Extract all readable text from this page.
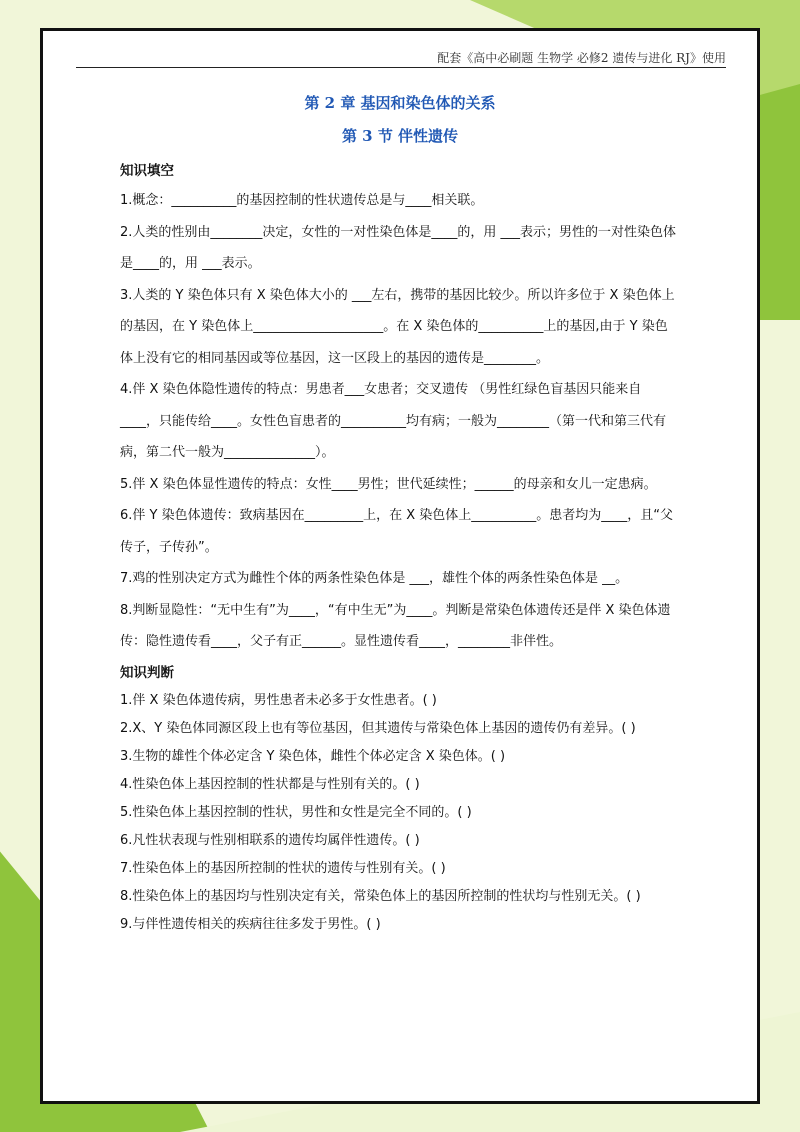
配套《高中必刷题 生物学 必修2 遗传与进化 RJ》使用
第 2 章 基因和染色体的关系
第 3 节 伴性遗传
知识填空

1.概念：__________的基因控制的性状遗传总是与____相关联。

2.人类的性别由________决定，女性的一对性染色体是____的，用 ___表示；男性的一对性染色体是____的，用 ___表示。

3.人类的 Y 染色体只有 X 染色体大小的 ___左右，携带的基因比较少。所以许多位于 X 染色体上的基因，在 Y 染色体上____________________。在 X 染色体的__________上的基因,由于 Y 染色体上没有它的相同基因或等位基因，这一区段上的基因的遗传是________。

4.伴 X 染色体隐性遗传的特点：男患者___女患者；交叉遗传 （男性红绿色盲基因只能来自____，只能传给____。女性色盲患者的__________均有病；一般为________（第一代和第三代有病，第二代一般为______________）。

5.伴 X 染色体显性遗传的特点：女性____男性；世代延续性；______的母亲和女儿一定患病。

6.伴 Y 染色体遗传：致病基因在_________上，在 X 染色体上__________。患者均为____，且“父传子，子传孙”。

7.鸡的性别决定方式为雌性个体的两条性染色体是 ___，雄性个体的两条性染色体是 __。

8.判断显隐性：“无中生有”为____，“有中生无”为____。判断是常染色体遗传还是伴 X 染色体遗传：隐性遗传看____，父子有正______。显性遗传看____，________非伴性。

知识判断

1.伴 X 染色体遗传病，男性患者未必多于女性患者。( )

2.X、Y 染色体同源区段上也有等位基因，但其遗传与常染色体上基因的遗传仍有差异。( )

3.生物的雄性个体必定含 Y 染色体，雌性个体必定含 X 染色体。( )

4.性染色体上基因控制的性状都是与性别有关的。( )

5.性染色体上基因控制的性状，男性和女性是完全不同的。( )

6.凡性状表现与性别相联系的遗传均属伴性遗传。( )

7.性染色体上的基因所控制的性状的遗传与性别有关。( )

8.性染色体上的基因均与性别决定有关，常染色体上的基因所控制的性状均与性别无关。( )

9.与伴性遗传相关的疾病往往多发于男性。( )
